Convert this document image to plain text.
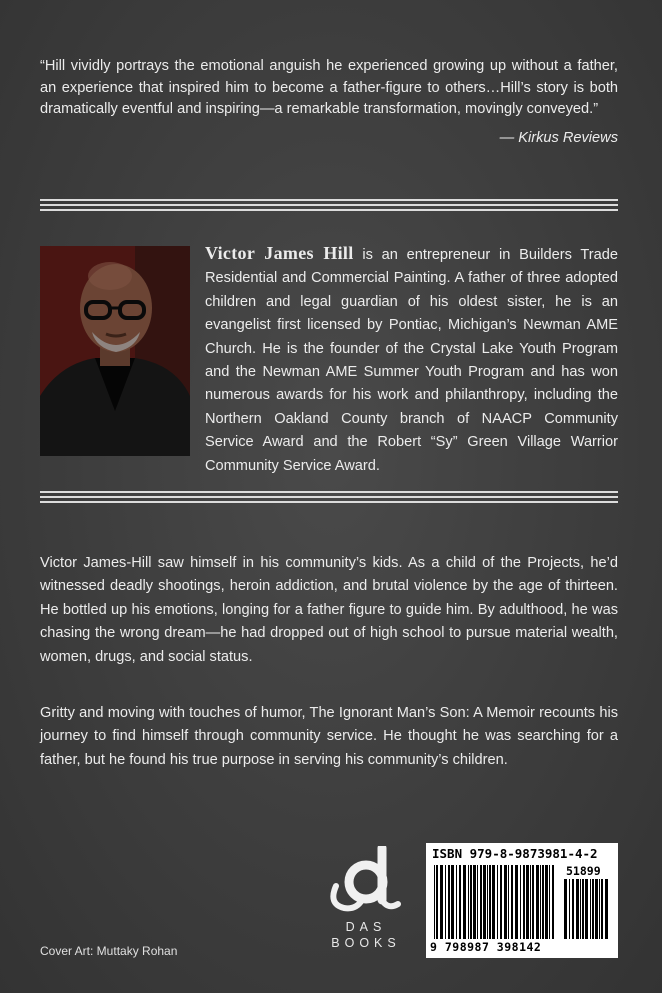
“Hill vividly portrays the emotional anguish he experienced growing up without a father, an experience that inspired him to become a father-figure to others…Hill’s story is both dramatically eventful and inspiring—a remarkable transformation, movingly conveyed.”
— Kirkus Reviews
Victor James Hill is an entrepreneur in Builders Trade Residential and Commercial Painting. A father of three adopted children and legal guardian of his oldest sister, he is an evangelist first licensed by Pontiac, Michigan’s Newman AME Church. He is the founder of the Crystal Lake Youth Program and the Newman AME Summer Youth Program and has won numerous awards for his work and philanthropy, including the Northern Oakland County branch of NAACP Community Service Award and the Robert “Sy” Green Village Warrior Community Service Award.
Victor James-Hill saw himself in his community’s kids. As a child of the Projects, he’d witnessed deadly shootings, heroin addiction, and brutal violence by the age of thirteen. He bottled up his emotions, longing for a father figure to guide him. By adulthood, he was chasing the wrong dream—he had dropped out of high school to pursue material wealth, women, drugs, and social status.
Gritty and moving with touches of humor, The Ignorant Man’s Son: A Memoir recounts his journey to find himself through community service. He thought he was searching for a father, but he found his true purpose in serving his community’s children.
Cover Art: Muttaky Rohan
DAS
BOOKS
ISBN 979-8-9873981-4-2
51899
9 798987 398142
